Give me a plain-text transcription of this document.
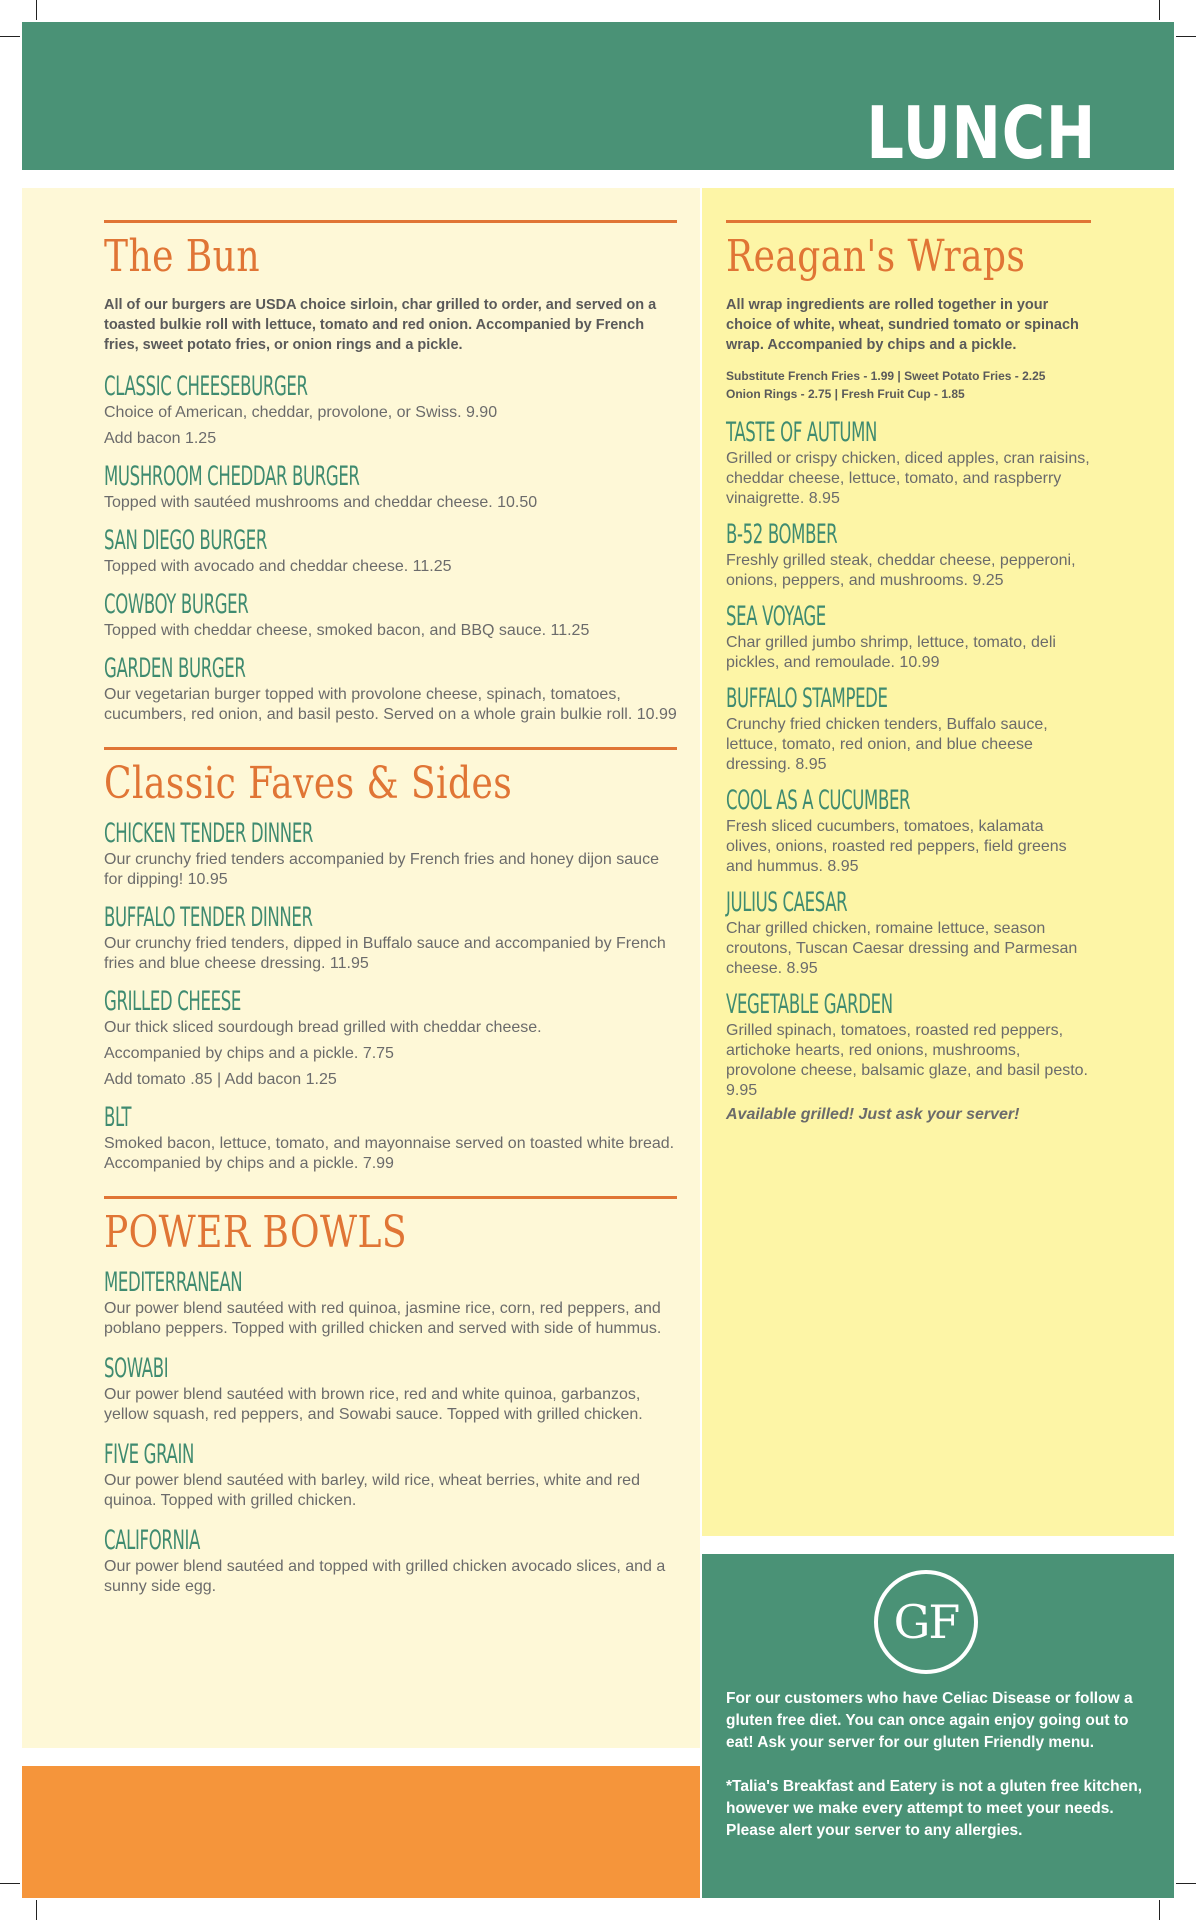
LUNCH
The Bun
All of our burgers are USDA choice sirloin, char grilled to order, and served on a toasted bulkie roll with lettuce, tomato and red onion. Accompanied by French fries, sweet potato fries, or onion rings and a pickle.
CLASSIC CHEESEBURGER
Choice of American, cheddar, provolone, or Swiss. 9.90
Add bacon 1.25
MUSHROOM CHEDDAR BURGER
Topped with sautéed mushrooms and cheddar cheese. 10.50
SAN DIEGO BURGER
Topped with avocado and cheddar cheese. 11.25
COWBOY BURGER
Topped with cheddar cheese, smoked bacon, and BBQ sauce. 11.25
GARDEN BURGER
Our vegetarian burger topped with provolone cheese, spinach, tomatoes, cucumbers, red onion, and basil pesto. Served on a whole grain bulkie roll. 10.99
Classic Faves & Sides
CHICKEN TENDER DINNER
Our crunchy fried tenders accompanied by French fries and honey dijon sauce for dipping! 10.95
BUFFALO TENDER DINNER
Our crunchy fried tenders, dipped in Buffalo sauce and accompanied by French fries and blue cheese dressing. 11.95
GRILLED CHEESE
Our thick sliced sourdough bread grilled with cheddar cheese.
Accompanied by chips and a pickle. 7.75
Add tomato .85 | Add bacon 1.25
BLT
Smoked bacon, lettuce, tomato, and mayonnaise served on toasted white bread. Accompanied by chips and a pickle. 7.99
POWER BOWLS
MEDITERRANEAN
Our power blend sautéed with red quinoa, jasmine rice, corn, red peppers, and poblano peppers. Topped with grilled chicken and served with side of hummus.
SOWABI
Our power blend sautéed with brown rice, red and white quinoa, garbanzos, yellow squash, red peppers, and Sowabi sauce. Topped with grilled chicken.
FIVE GRAIN
Our power blend sautéed with barley, wild rice, wheat berries, white and red quinoa. Topped with grilled chicken.
CALIFORNIA
Our power blend sautéed and topped with grilled chicken avocado slices, and a sunny side egg.
Reagan's Wraps
All wrap ingredients are rolled together in your choice of white, wheat, sundried tomato or spinach wrap. Accompanied by chips and a pickle.
Substitute French Fries - 1.99 | Sweet Potato Fries - 2.25
Onion Rings - 2.75 | Fresh Fruit Cup - 1.85
TASTE OF AUTUMN
Grilled or crispy chicken, diced apples, cran raisins, cheddar cheese, lettuce, tomato, and raspberry vinaigrette. 8.95
B-52 BOMBER
Freshly grilled steak, cheddar cheese, pepperoni, onions, peppers, and mushrooms. 9.25
SEA VOYAGE
Char grilled jumbo shrimp, lettuce, tomato, deli pickles, and remoulade. 10.99
BUFFALO STAMPEDE
Crunchy fried chicken tenders, Buffalo sauce, lettuce, tomato, red onion, and blue cheese dressing. 8.95
COOL AS A CUCUMBER
Fresh sliced cucumbers, tomatoes, kalamata olives, onions, roasted red peppers, field greens and hummus. 8.95
JULIUS CAESAR
Char grilled chicken, romaine lettuce, season croutons, Tuscan Caesar dressing and Parmesan cheese. 8.95
VEGETABLE GARDEN
Grilled spinach, tomatoes, roasted red peppers, artichoke hearts, red onions, mushrooms, provolone cheese, balsamic glaze, and basil pesto. 9.95
Available grilled! Just ask your server!
GF

For our customers who have Celiac Disease or follow a gluten free diet. You can once again enjoy going out to eat! Ask your server for our gluten Friendly menu.

*Talia's Breakfast and Eatery is not a gluten free kitchen, however we make every attempt to meet your needs. Please alert your server to any allergies.
